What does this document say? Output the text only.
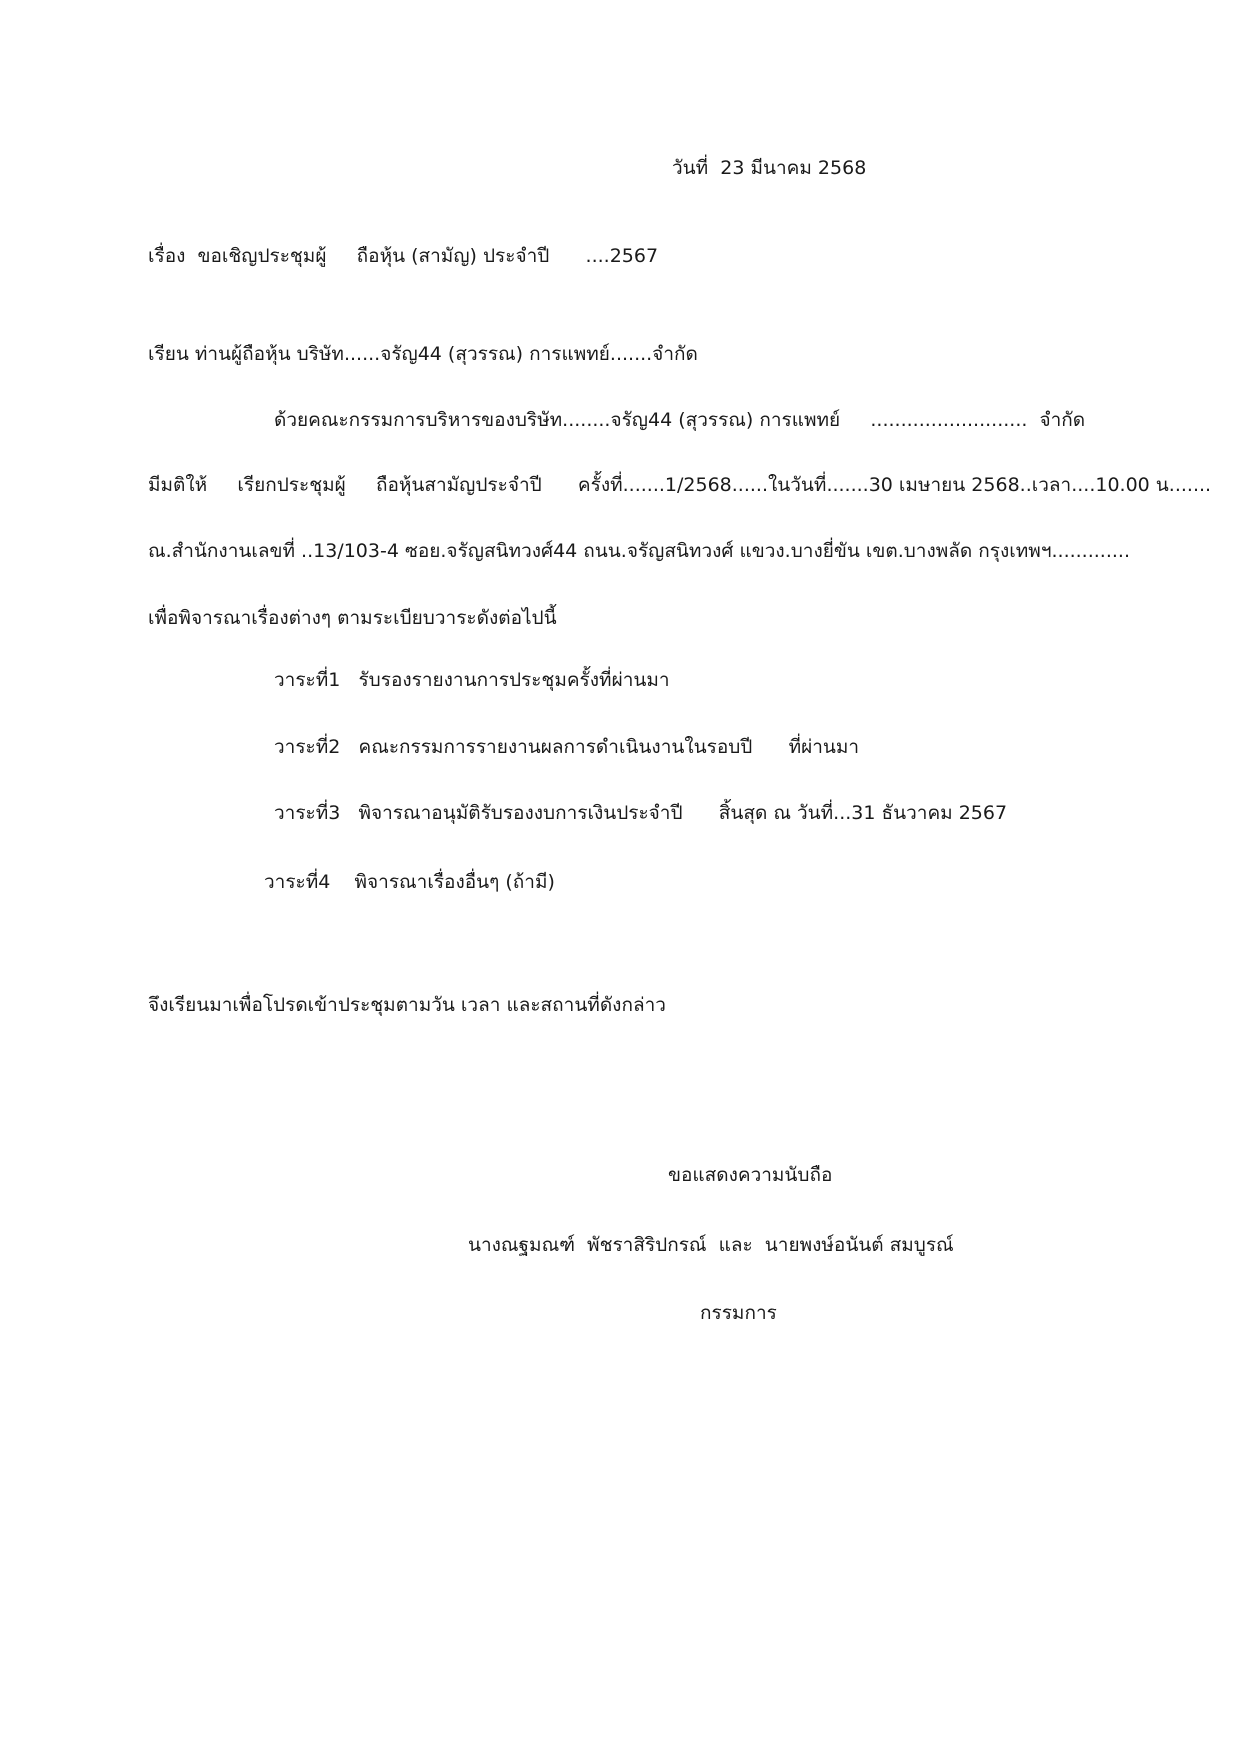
วันที่  23 มีนาคม 2568
เรื่อง  ขอเชิญประชุมผู้     ถือหุ้น (สามัญ) ประจำปี      ....2567
เรียน ท่านผู้ถือหุ้น บริษัท......จรัญ44 (สุวรรณ) การแพทย์.......จำกัด
ด้วยคณะกรรมการบริหารของบริษัท........จรัญ44 (สุวรรณ) การแพทย์     ..........................  จำกัด
มีมติให้     เรียกประชุมผู้     ถือหุ้นสามัญประจำปี      ครั้งที่.......1/2568......ในวันที่.......30 เมษายน 2568..เวลา....10.00 น.......
ณ.สำนักงานเลขที่ ..13/103-4 ซอย.จรัญสนิทวงศ์44 ถนน.จรัญสนิทวงศ์ แขวง.บางยี่ขัน เขต.บางพลัด กรุงเทพฯ.............
เพื่อพิจารณาเรื่องต่างๆ ตามระเบียบวาระดังต่อไปนี้
วาระที่1   รับรองรายงานการประชุมครั้งที่ผ่านมา
วาระที่2   คณะกรรมการรายงานผลการดำเนินงานในรอบปี      ที่ผ่านมา
วาระที่3   พิจารณาอนุมัติรับรองงบการเงินประจำปี      สิ้นสุด ณ วันที่...31 ธันวาคม 2567
วาระที่4    พิจารณาเรื่องอื่นๆ (ถ้ามี)
จึงเรียนมาเพื่อโปรดเข้าประชุมตามวัน เวลา และสถานที่ดังกล่าว
ขอแสดงความนับถือ
นางณฐมณฑ์  พัชราสิริปกรณ์  และ  นายพงษ์อนันต์ สมบูรณ์
กรรมการ
